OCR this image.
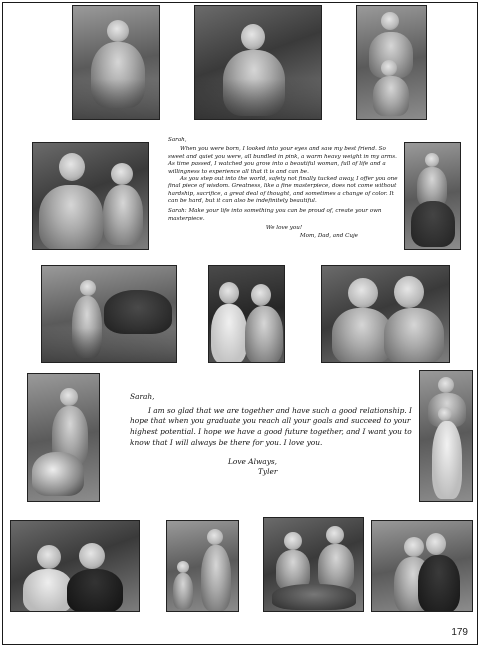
Sarah,

When you were born, I looked into your eyes and saw my best friend. So sweet and quiet you were, all bundled in pink, a warm heavy weight in my arms. As time passed, I watched you grow into a beautiful woman, full of life and a willingness to experience all that it is and can be.

As you step out into the world, safety not finally tucked away, I offer you one final piece of wisdom. Greatness, like a fine masterpiece, does not come without hardship, sacrifice, a great deal of thought, and sometimes a change of color. It can be hard, but it can also be indefinitely beautiful.

Sarah: Make your life into something you can be proud of, create your own masterpiece.

We love you!

Mom, Dad, and Cuje

Sarah,

I am so glad that we are together and have such a good relationship. I hope that when you graduate you reach all your goals and succeed to your highest potential. I hope we have a good future together, and I want you to know that I will always be there for you. I love you.

Love Always,

Tyler

179
